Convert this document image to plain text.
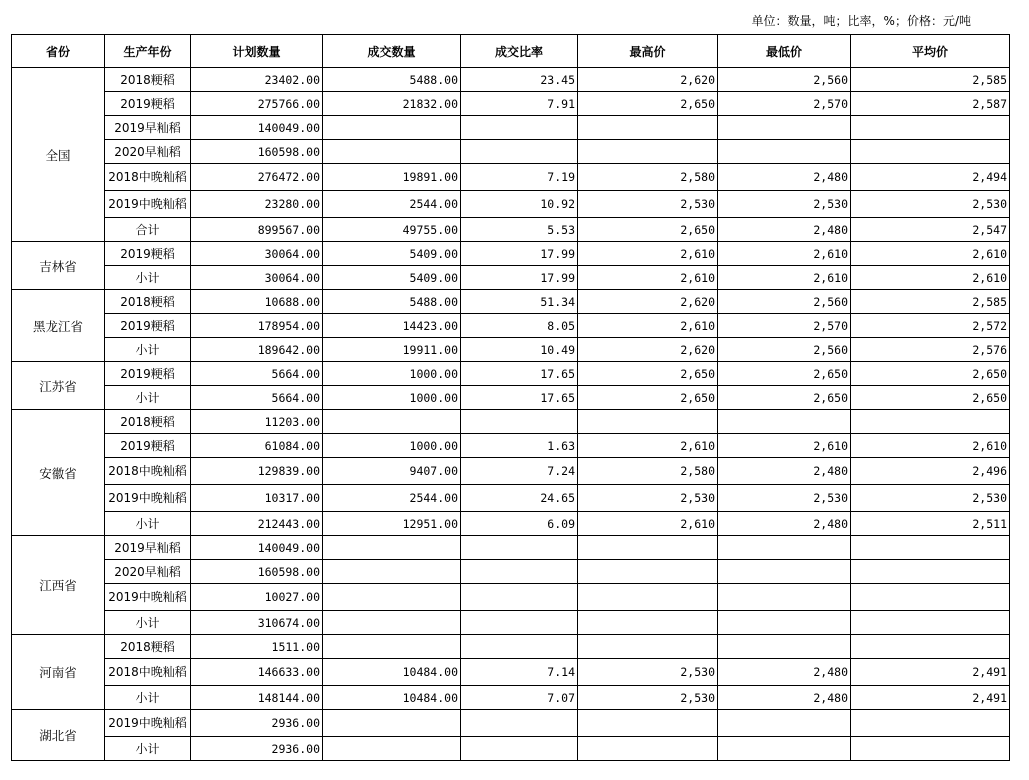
单位：数量，吨；比率，%；价格：元/吨
省份	生产年份	计划数量	成交数量	成交比率	最高价	最低价	平均价
全国	2018粳稻	23402.00	5488.00	23.45	2,620	2,560	2,585
	2019粳稻	275766.00	21832.00	7.91	2,650	2,570	2,587
	2019早籼稻	140049.00					
	2020早籼稻	160598.00					
	2018中晚籼稻	276472.00	19891.00	7.19	2,580	2,480	2,494
	2019中晚籼稻	23280.00	2544.00	10.92	2,530	2,530	2,530
	合计	899567.00	49755.00	5.53	2,650	2,480	2,547
吉林省	2019粳稻	30064.00	5409.00	17.99	2,610	2,610	2,610
	小计	30064.00	5409.00	17.99	2,610	2,610	2,610
黑龙江省	2018粳稻	10688.00	5488.00	51.34	2,620	2,560	2,585
	2019粳稻	178954.00	14423.00	8.05	2,610	2,570	2,572
	小计	189642.00	19911.00	10.49	2,620	2,560	2,576
江苏省	2019粳稻	5664.00	1000.00	17.65	2,650	2,650	2,650
	小计	5664.00	1000.00	17.65	2,650	2,650	2,650
安徽省	2018粳稻	11203.00					
	2019粳稻	61084.00	1000.00	1.63	2,610	2,610	2,610
	2018中晚籼稻	129839.00	9407.00	7.24	2,580	2,480	2,496
	2019中晚籼稻	10317.00	2544.00	24.65	2,530	2,530	2,530
	小计	212443.00	12951.00	6.09	2,610	2,480	2,511
江西省	2019早籼稻	140049.00					
	2020早籼稻	160598.00					
	2019中晚籼稻	10027.00					
	小计	310674.00					
河南省	2018粳稻	1511.00					
	2018中晚籼稻	146633.00	10484.00	7.14	2,530	2,480	2,491
	小计	148144.00	10484.00	7.07	2,530	2,480	2,491
湖北省	2019中晚籼稻	2936.00					
	小计	2936.00					
